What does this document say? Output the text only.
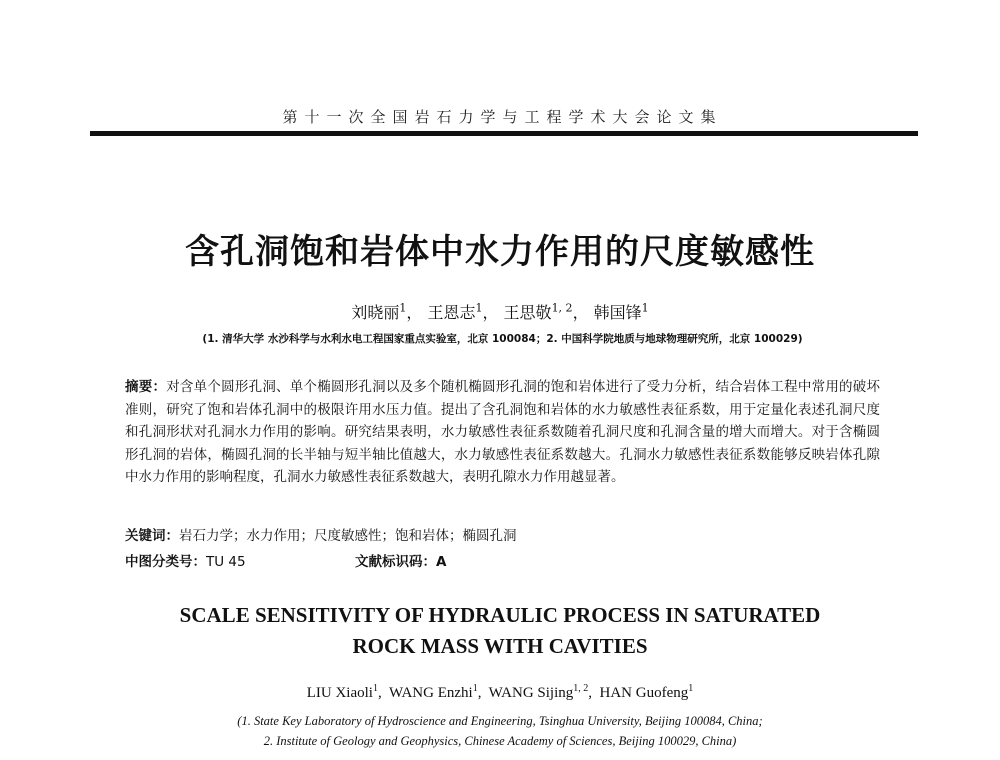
第十一次全国岩石力学与工程学术大会论文集
含孔洞饱和岩体中水力作用的尺度敏感性
刘晓丽$^1$， 王恩志$^1$， 王思敬$^{1, 2}$， 韩国锋$^1$
(1. 清华大学 水沙科学与水利水电工程国家重点实验室，北京 100084；2. 中国科学院地质与地球物理研究所，北京 100029)
摘要：对含单个圆形孔洞、单个椭圆形孔洞以及多个随机椭圆形孔洞的饱和岩体进行了受力分析，结合岩体工程中常用的破坏准则，研究了饱和岩体孔洞中的极限许用水压力值。提出了含孔洞饱和岩体的水力敏感性表征系数，用于定量化表述孔洞尺度和孔洞形状对孔洞水力作用的影响。研究结果表明，水力敏感性表征系数随着孔洞尺度和孔洞含量的增大而增大。对于含椭圆形孔洞的岩体，椭圆孔洞的长半轴与短半轴比值越大，水力敏感性表征系数越大。孔洞水力敏感性表征系数能够反映岩体孔隙中水力作用的影响程度，孔洞水力敏感性表征系数越大，表明孔隙水力作用越显著。
关键词：岩石力学；水力作用；尺度敏感性；饱和岩体；椭圆孔洞
中图分类号：TU 45	文献标识码：A
SCALE SENSITIVITY OF HYDRAULIC PROCESS IN SATURATED
ROCK MASS WITH CAVITIES
LIU Xiaoli$^1$,  WANG Enzhi$^1$,  WANG Sijing$^{1, 2}$,  HAN Guofeng$^1$
(1. State Key Laboratory of Hydroscience and Engineering, Tsinghua University, Beijing 100084, China;
2. Institute of Geology and Geophysics, Chinese Academy of Sciences, Beijing 100029, China)
